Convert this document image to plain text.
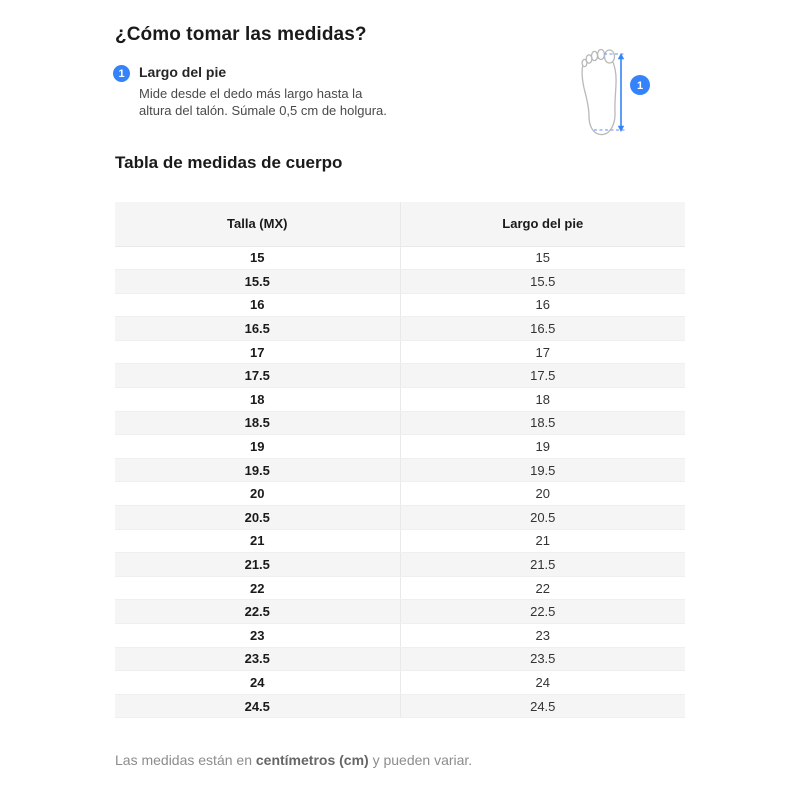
¿Cómo tomar las medidas?
1	Largo del pie
Mide desde el dedo más largo hasta la
altura del talón. Súmale 0,5 cm de holgura.
1
Tabla de medidas de cuerpo
Talla (MX)	Largo del pie
15	15
15.5	15.5
16	16
16.5	16.5
17	17
17.5	17.5
18	18
18.5	18.5
19	19
19.5	19.5
20	20
20.5	20.5
21	21
21.5	21.5
22	22
22.5	22.5
23	23
23.5	23.5
24	24
24.5	24.5

Las medidas están en centímetros (cm) y pueden variar.
